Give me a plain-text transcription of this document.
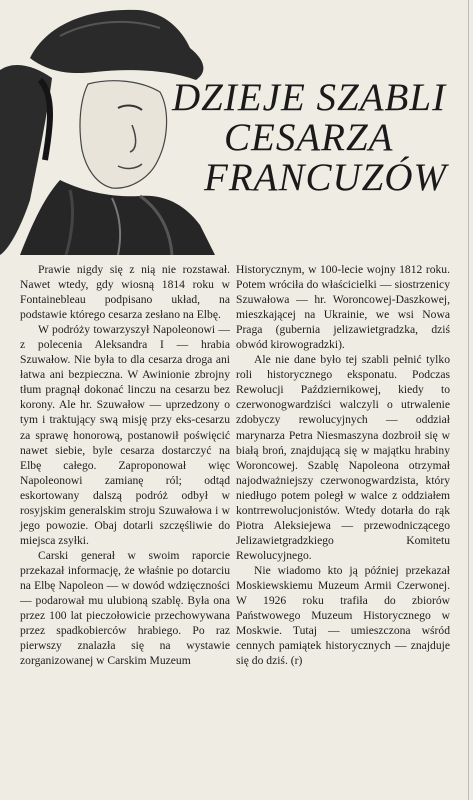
DZIEJE SZABLI
CESARZA
FRANCUZÓW

Prawie nigdy się z nią nie rozstawał. Nawet wtedy, gdy wiosną 1814 roku w Fontainebleau podpisano układ, na podstawie którego cesarza zesłano na Elbę.

W podróży towarzyszył Napoleonowi — z polecenia Aleksandra I — hrabia Szuwałow. Nie była to dla cesarza droga ani łatwa ani bezpieczna. W Awinionie zbrojny tłum pragnął dokonać linczu na cesarzu bez korony. Ale hr. Szuwałow — uprzedzony o tym i traktujący swą misję przy eks-cesarzu za sprawę honorową, postanowił poświęcić nawet siebie, byle cesarza dostarczyć na Elbę całego. Zaproponował więc Napoleonowi zamianę ról; odtąd eskortowany dalszą podróż odbył w rosyjskim generalskim stroju Szuwałowa i w jego powozie. Obaj dotarli szczęśliwie do miejsca zsyłki.

Carski generał w swoim raporcie przekazał informację, że właśnie po dotarciu na Elbę Napoleon — w dowód wdzięczności — podarował mu ulubioną szablę. Była ona przez 100 lat pieczołowicie przechowywana przez spadkobierców hrabiego. Po raz pierwszy znalazła się na wystawie zorganizowanej w Carskim Muzeum

Historycznym, w 100-lecie wojny 1812 roku. Potem wróciła do właścicielki — siostrzenicy Szuwałowa — hr. Woroncowej-Daszkowej, mieszkającej na Ukrainie, we wsi Nowa Praga (gubernia jelizawietgradzka, dziś obwód kirowogradzki).

Ale nie dane było tej szabli pełnić tylko roli historycznego eksponatu. Podczas Rewolucji Październikowej, kiedy to czerwonogwardziści walczyli o utrwalenie zdobyczy rewolucyjnych — oddział marynarza Petra Niesmaszyna dozbroił się w białą broń, znajdującą się w majątku hrabiny Woroncowej. Szablę Napoleona otrzymał najodważniejszy czerwonogwardzista, który niedługo potem poległ w walce z oddziałem kontrrewolucjonistów. Wtedy dotarła do rąk Piotra Aleksiejewa — przewodniczącego Jelizawietgradzkiego Komitetu Rewolucyjnego.

Nie wiadomo kto ją później przekazał Moskiewskiemu Muzeum Armii Czerwonej. W 1926 roku trafiła do zbiorów Państwowego Muzeum Historycznego w Moskwie. Tutaj — umieszczona wśród cennych pamiątek historycznych — znajduje się do dziś. (r)
